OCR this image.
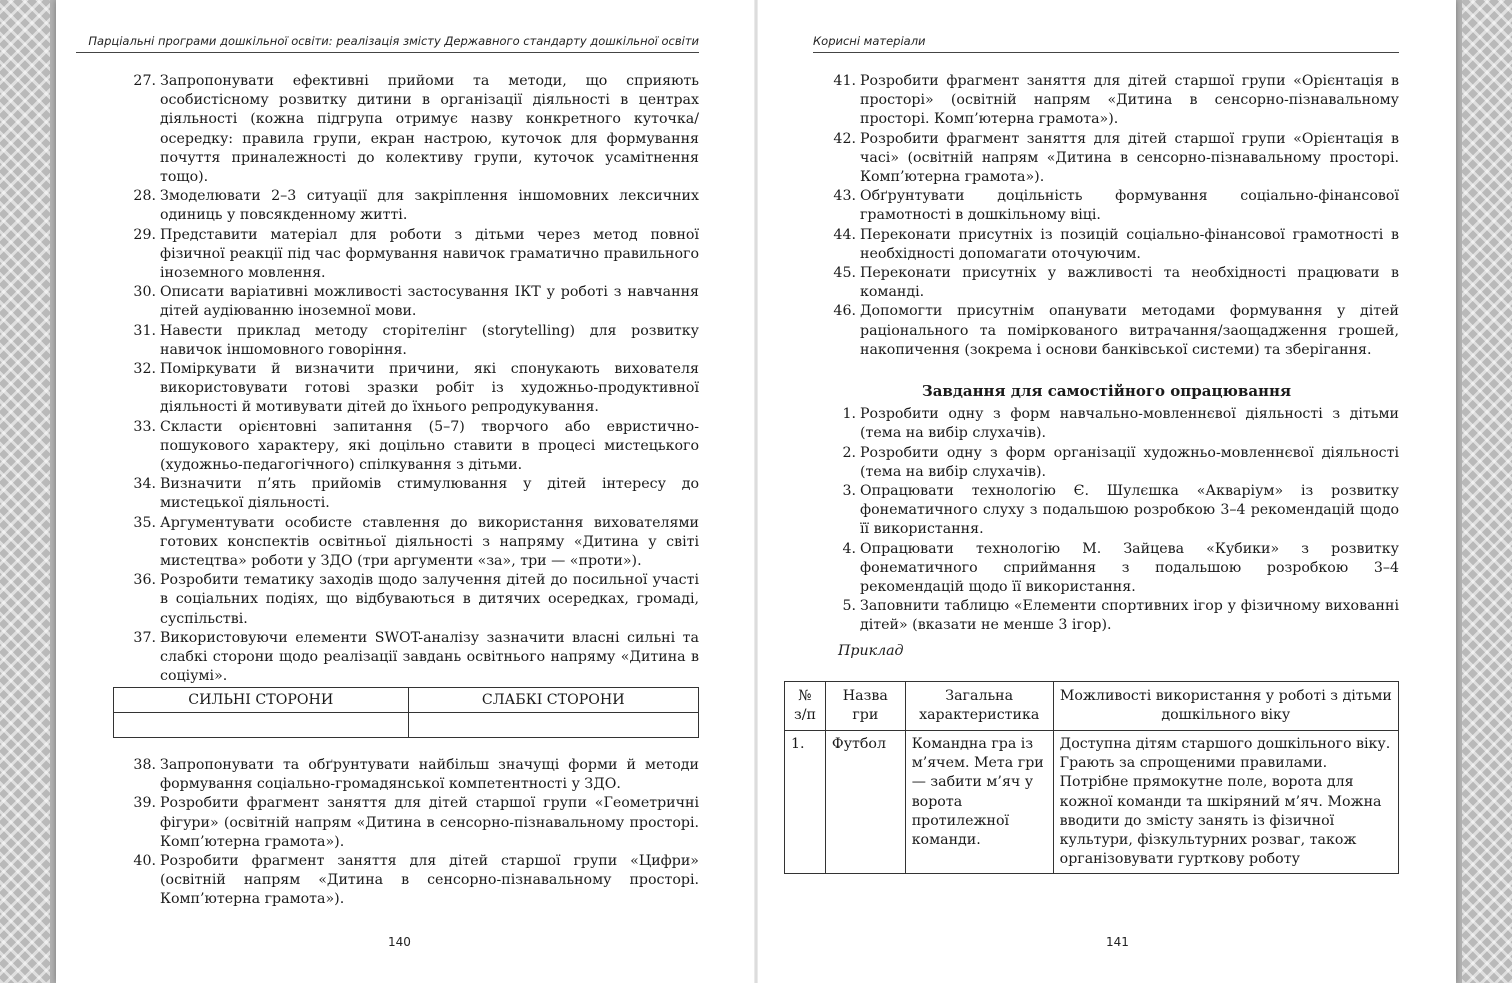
Парціальні програми дошкільної освіти: реалізація змісту Державного стандарту дошкільної освіти
27. Запропонувати ефективні прийоми та методи, що сприяють особистісному розвитку дитини в організації діяльності в центрах діяльності (кожна підгрупа отримує назву конкретного куточка/осередку: правила групи, екран настрою, куточок для формування почуття приналежності до колективу групи, куточок усамітнення тощо).
28. Змоделювати 2–3 ситуації для закріплення іншомовних лексичних одиниць у повсякденному житті.
29. Представити матеріал для роботи з дітьми через метод повної фізичної реакції під час формування навичок граматично правильного іноземного мовлення.
30. Описати варіативні можливості застосування ІКТ у роботі з навчання дітей аудіюванню іноземної мови.
31. Навести приклад методу сторітелінг (storytelling) для розвитку навичок іншомовного говоріння.
32. Поміркувати й визначити причини, які спонукають вихователя використовувати готові зразки робіт із художньо-продуктивної діяльності й мотивувати дітей до їхнього репродукування.
33. Скласти орієнтовні запитання (5–7) творчого або евристично-пошукового характеру, які доцільно ставити в процесі мистецького (художньо-педагогічного) спілкування з дітьми.
34. Визначити п’ять прийомів стимулювання у дітей інтересу до мистецької діяльності.
35. Аргументувати особисте ставлення до використання вихователями готових конспектів освітньої діяльності з напряму «Дитина у світі мистецтва» роботи у ЗДО (три аргументи «за», три — «проти»).
36. Розробити тематику заходів щодо залучення дітей до посильної участі в соціальних подіях, що відбуваються в дитячих осередках, громаді, суспільстві.
37. Використовуючи елементи SWOT-аналізу зазначити власні сильні та слабкі сторони щодо реалізації завдань освітнього напряму «Дитина в соціумі».
СИЛЬНІ СТОРОНИ	СЛАБКІ СТОРОНИ

38. Запропонувати та обґрунтувати найбільш значущі форми й методи формування соціально-громадянської компетентності у ЗДО.
39. Розробити фрагмент заняття для дітей старшої групи «Геометричні фігури» (освітній напрям «Дитина в сенсорно-пізнавальному просторі. Комп’ютерна грамота»).
40. Розробити фрагмент заняття для дітей старшої групи «Цифри» (освітній напрям «Дитина в сенсорно-пізнавальному просторі. Комп’ютерна грамота»).
140
Корисні матеріали
41. Розробити фрагмент заняття для дітей старшої групи «Орієнтація в просторі» (освітній напрям «Дитина в сенсорно-пізнавальному просторі. Комп’ютерна грамота»).
42. Розробити фрагмент заняття для дітей старшої групи «Орієнтація в часі» (освітній напрям «Дитина в сенсорно-пізнавальному просторі. Комп’ютерна грамота»).
43. Обґрунтувати доцільність формування соціально-фінансової грамотності в дошкільному віці.
44. Переконати присутніх із позицій соціально-фінансової грамотності в необхідності допомагати оточуючим.
45. Переконати присутніх у важливості та необхідності працювати в команді.
46. Допомогти присутнім опанувати методами формування у дітей раціонального та поміркованого витрачання/заощадження грошей, накопичення (зокрема і основи банківської системи) та зберігання.
Завдання для самостійного опрацювання
1. Розробити одну з форм навчально-мовленнєвої діяльності з дітьми (тема на вибір слухачів).
2. Розробити одну з форм організації художньо-мовленнєвої діяльності (тема на вибір слухачів).
3. Опрацювати технологію Є. Шулєшка «Акваріум» із розвитку фонематичного слуху з подальшою розробкою 3–4 рекомендацій щодо її використання.
4. Опрацювати технологію М. Зайцева «Кубики» з розвитку фонематичного сприймання з подальшою розробкою 3–4 рекомендацій щодо її використання.
5. Заповнити таблицю «Елементи спортивних ігор у фізичному вихованні дітей» (вказати не менше 3 ігор).
Приклад
№ з/п	Назва гри	Загальна характеристика	Можливості використання у роботі з дітьми дошкільного віку
1.	Футбол	Командна гра із м’ячем. Мета гри — забити м’яч у ворота протилежної команди.	Доступна дітям старшого дошкільного віку. Грають за спрощеними правилами. Потрібне прямокутне поле, ворота для кожної команди та шкіряний м’яч. Можна вводити до змісту занять із фізичної культури, фізкультурних розваг, також організовувати гурткову роботу
141
